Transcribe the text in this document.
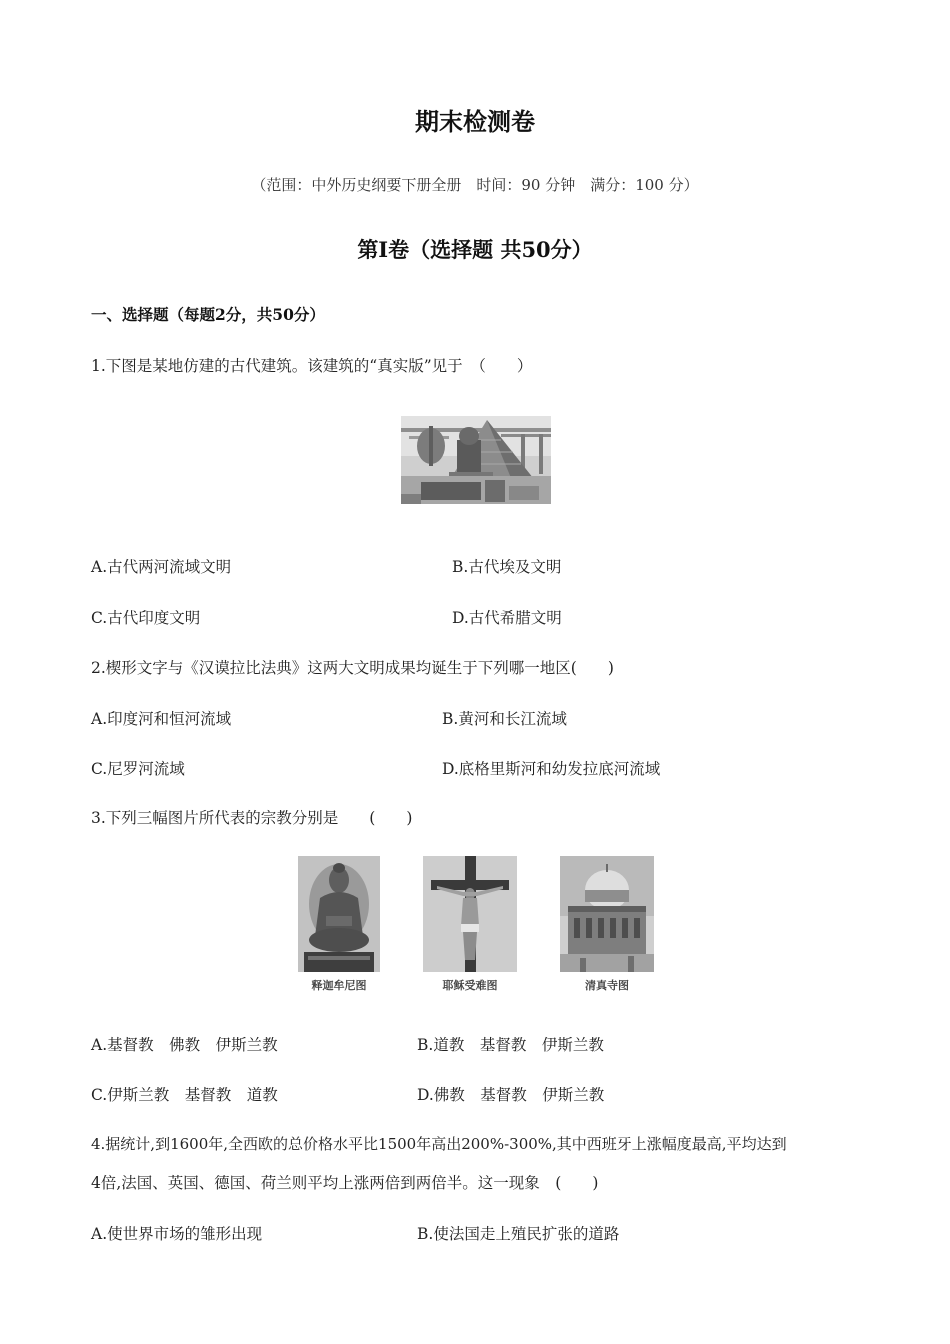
期末检测卷
（范围：中外历史纲要下册全册　时间：90 分钟　满分：100 分）
第Ⅰ卷（选择题 共50分）
一、选择题（每题2分，共50分）
1.下图是某地仿建的古代建筑。该建筑的“真实版”见于　（　　）
A.古代两河流域文明	B.古代埃及文明
C.古代印度文明	D.古代希腊文明
2.楔形文字与《汉谟拉比法典》这两大文明成果均诞生于下列哪一地区(　　)
A.印度河和恒河流域	B.黄河和长江流域
C.尼罗河流域	D.底格里斯河和幼发拉底河流域
3.下列三幅图片所代表的宗教分别是　　(　　)
释迦牟尼图	耶稣受难图	清真寺图
A.基督教　佛教　伊斯兰教	B.道教　基督教　伊斯兰教
C.伊斯兰教　基督教　道教	D.佛教　基督教　伊斯兰教
4.据统计,到1600年,全西欧的总价格水平比1500年高出200%-300%,其中西班牙上涨幅度最高,平均达到
4倍,法国、英国、德国、荷兰则平均上涨两倍到两倍半。这一现象　(　　)
A.使世界市场的雏形出现	B.使法国走上殖民扩张的道路
